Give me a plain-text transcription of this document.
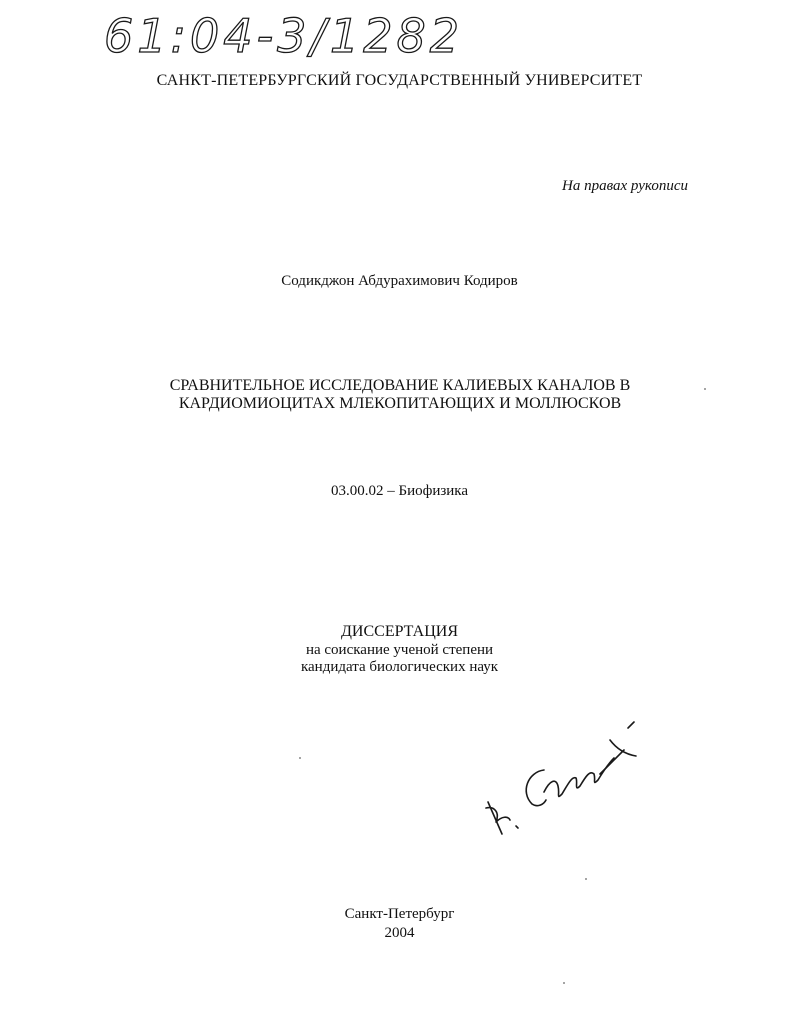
61:04-3/1282
САНКТ-ПЕТЕРБУРГСКИЙ ГОСУДАРСТВЕННЫЙ УНИВЕРСИТЕТ
На правах рукописи
Содикджон Абдурахимович Кодиров
СРАВНИТЕЛЬНОЕ ИССЛЕДОВАНИЕ КАЛИЕВЫХ КАНАЛОВ В
КАРДИОМИОЦИТАХ МЛЕКОПИТАЮЩИХ И МОЛЛЮСКОВ
03.00.02 – Биофизика
ДИССЕРТАЦИЯ
на соискание ученой степени
кандидата биологических наук
Санкт-Петербург
2004
